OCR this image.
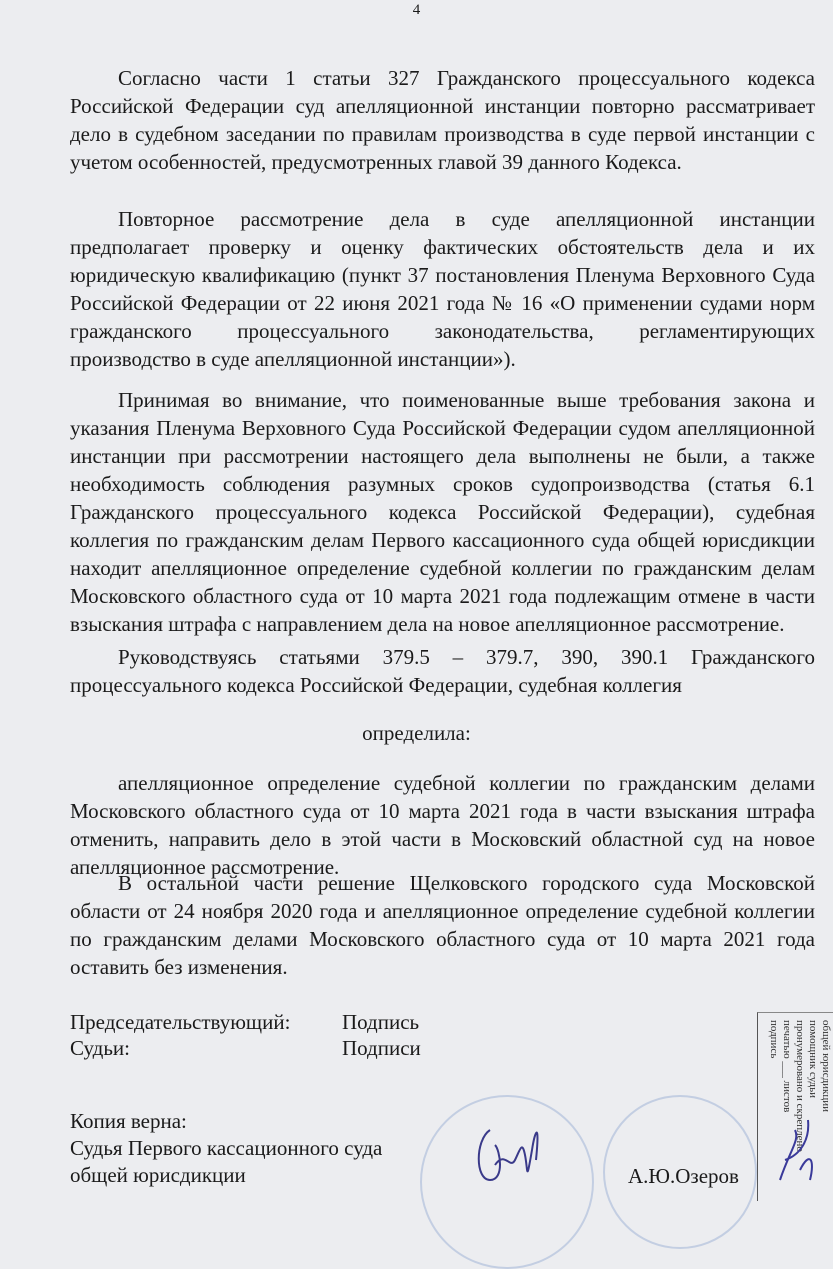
4
Согласно части 1 статьи 327 Гражданского процессуального кодекса
Российской Федерации суд апелляционной инстанции повторно рассматривает
дело в судебном заседании по правилам производства в суде первой инстанции с
учетом особенностей, предусмотренных главой 39 данного Кодекса.
Повторное рассмотрение дела в суде апелляционной инстанции
предполагает проверку и оценку фактических обстоятельств дела и их
юридическую квалификацию (пункт 37 постановления Пленума Верховного Суда
Российской Федерации от 22 июня 2021 года № 16 «О применении судами норм
гражданского процессуального законодательства, регламентирующих
производство в суде апелляционной инстанции»).
Принимая во внимание, что поименованные выше требования закона и
указания Пленума Верховного Суда Российской Федерации судом апелляционной
инстанции при рассмотрении настоящего дела выполнены не были, а также
необходимость соблюдения разумных сроков судопроизводства (статья 6.1
Гражданского процессуального кодекса Российской Федерации), судебная
коллегия по гражданским делам Первого кассационного суда общей юрисдикции
находит апелляционное определение судебной коллегии по гражданским делам
Московского областного суда от 10 марта 2021 года подлежащим отмене в части
взыскания штрафа с направлением дела на новое апелляционное рассмотрение.
Руководствуясь статьями 379.5 – 379.7, 390, 390.1 Гражданского
процессуального кодекса Российской Федерации, судебная коллегия
апелляционное определение судебной коллегии по гражданским делами
Московского областного суда от 10 марта 2021 года в части взыскания штрафа
отменить, направить дело в этой части в Московский областной суд на новое
апелляционное рассмотрение.
В остальной части решение Щелковского городского суда Московской
области от 24 ноября 2020 года и апелляционное определение судебной коллегии
по гражданским делами Московского областного суда от 10 марта 2021 года
оставить без изменения.
определила:
Председательствующий: Подпись
Судьи:	Подписи
Копия верна:
Судья Первого кассационного суда
общей юрисдикции	А.Ю.Озеров
общей юрисдикции
помощник судьи
пронумеровано и скреплено
печатью ___ листов
подпись
